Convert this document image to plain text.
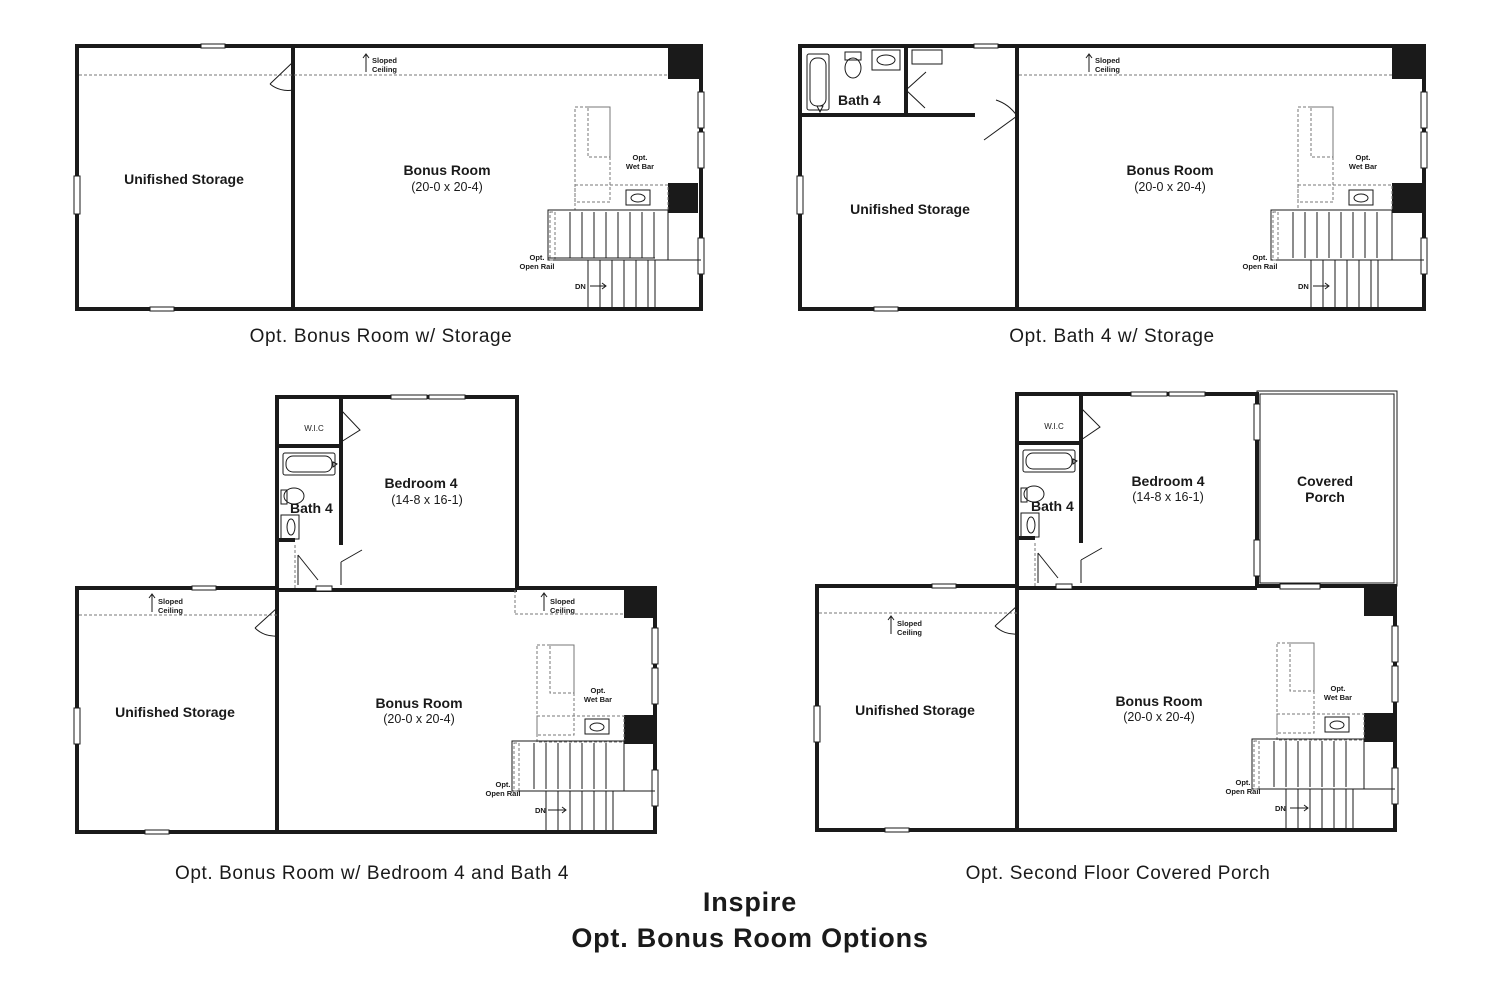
Unifished Storage
Bonus Room
(20-0 x 20-4)
Sloped
Ceiling
Opt.
Wet Bar
Opt.
Open Rail
DN
Bath 4
Unifished Storage
Bonus Room
(20-0 x 20-4)
Sloped
Ceiling
Opt.
Wet Bar
Opt.
Open Rail
DN
W.I.C
Bath 4
Bedroom 4
(14-8 x 16-1)
Unifished Storage
Bonus Room
(20-0 x 20-4)
Sloped
Ceiling
Sloped
Ceiling
Opt.
Wet Bar
Opt.
Open Rail
DN
W.I.C
Bath 4
Bedroom 4
(14-8 x 16-1)
Covered
Porch
Unifished Storage
Bonus Room
(20-0 x 20-4)
Sloped
Ceiling
Opt.
Wet Bar
Opt.
Open Rail
DN
Opt. Bonus Room w/ Storage	Opt. Bath 4 w/ Storage
Opt. Bonus Room w/ Bedroom 4 and Bath 4	Opt. Second Floor Covered Porch
Inspire
Opt. Bonus Room Options
